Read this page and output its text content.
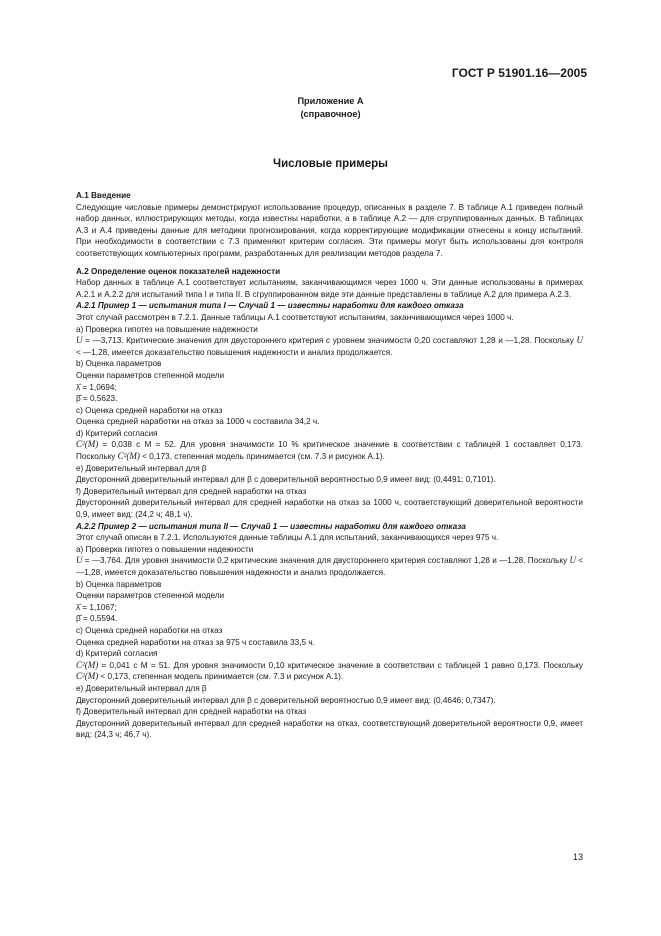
ГОСТ Р 51901.16—2005
Приложение А
(справочное)
Числовые примеры

А.1 Введение

Следующие числовые примеры демонстрируют использование процедур, описанных в разделе 7. В таблице А.1 приведен полный набор данных, иллюстрирующих методы, когда известны наработки, а в таблице А.2 — для сгруппированных данных. В таблицах А.3 и А.4 приведены данные для методики прогнозирования, когда корректирующие модификации отнесены к концу испытаний. При необходимости в соответствии с 7.3 применяют критерии согласия. Эти примеры могут быть использованы для контроля соответствующих компьютерных программ, разработанных для реализации методов раздела 7.

А.2 Определение оценок показателей надежности

Набор данных в таблице А.1 соответствует испытаниям, заканчивающимся через 1000 ч. Эти данные использованы в примерах А.2.1 и А.2.2 для испытаний типа I и типа II. В сгруппированном виде эти данные представлены в таблице А.2 для примера А.2.3.

А.2.1 Пример 1 — испытания типа I — Случай 1 — известны наработки для каждого отказа

Этот случай рассмотрен в 7.2.1. Данные таблицы А.1 соответствуют испытаниям, заканчивающимся через 1000 ч.

а) Проверка гипотез на повышение надежности

U = —3,713. Критические значения для двустороннего критерия с уровнем значимости 0,20 составляют 1,28 и —1,28. Поскольку U < —1,28, имеется доказательство повышения надежности и анализ продолжается.

b) Оценка параметров

Оценки параметров степенной модели

λ̂ = 1,0694;

β̂ = 0,5623.

с) Оценка средней наработки на отказ

Оценка средней наработки на отказ за 1000 ч составила 34,2 ч.

d) Критерий согласия

C²(M) = 0,038 с M = 52. Для уровня значимости 10 % критическое значение в соответствии с таблицей 1 составляет 0,173. Поскольку C²(M) < 0,173, степенная модель принимается (см. 7.3 и рисунок А.1).

е) Доверительный интервал для β

Двусторонний доверительный интервал для β с доверительной вероятностью 0,9 имеет вид: (0,4491; 0,7101).

f) Доверительный интервал для средней наработки на отказ

Двусторонний доверительный интервал для средней наработки на отказ за 1000 ч, соответствующий доверительной вероятности 0,9, имеет вид: (24,2 ч; 48,1 ч).

А.2.2 Пример 2 — испытания типа II — Случай 1 — известны наработки для каждого отказа

Этот случай описан в 7.2.1. Используются данные таблицы А.1 для испытаний, заканчивающихся через 975 ч.

а) Проверка гипотез о повышении надежности

U = —3,764. Для уровня значимости 0,2 критические значения для двустороннего критерия составляют 1,28 и —1,28. Поскольку U < —1,28, имеется доказательство повышения надежности и анализ продолжается.

b) Оценка параметров

Оценки параметров степенной модели

λ̂ = 1,1067;

β̂ = 0,5594.

с) Оценка средней наработки на отказ

Оценка средней наработки на отказ за 975 ч составила 33,5 ч.

d) Критерий согласия

C²(M) = 0,041 с M = 51. Для уровня значимости 0,10 критическое значение в соответствии с таблицей 1 равно 0,173. Поскольку C²(M) < 0,173, степенная модель принимается (см. 7.3 и рисунок А.1).

е) Доверительный интервал для β

Двусторонний доверительный интервал для β с доверительной вероятностью 0,9 имеет вид: (0,4646; 0,7347).

f) Доверительный интервал для средней наработки на отказ

Двусторонний доверительный интервал для средней наработки на отказ, соответствующий доверительной вероятности 0,9, имеет вид: (24,3 ч; 46,7 ч).

13
